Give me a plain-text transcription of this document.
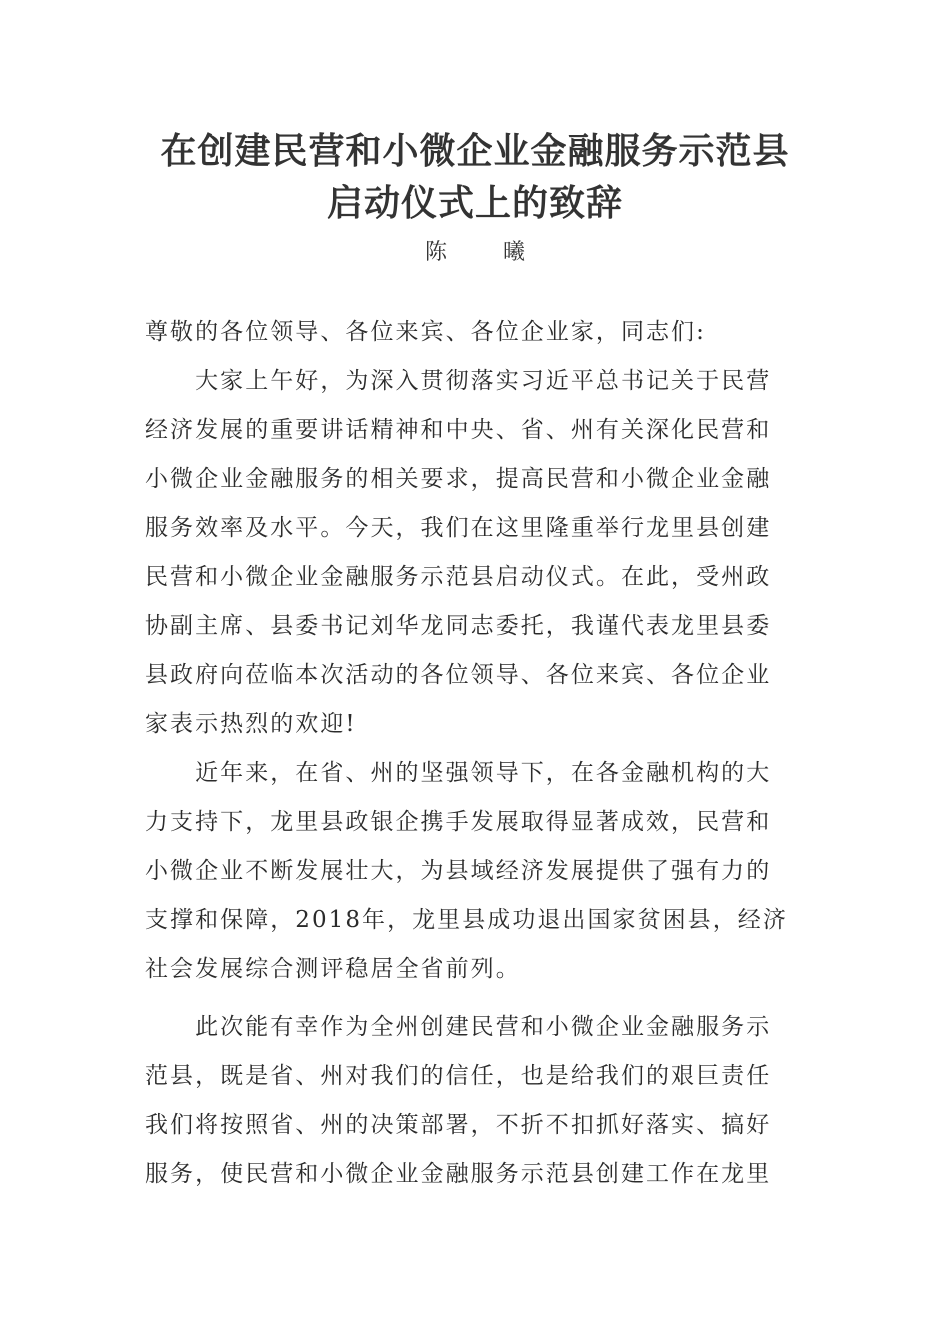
在创建民营和小微企业金融服务示范县
启动仪式上的致辞
陈	曦
尊敬的各位领导、各位来宾、各位企业家，同志们:
　　大家上午好，为深入贯彻落实习近平总书记关于民营
经济发展的重要讲话精神和中央、省、州有关深化民营和
小微企业金融服务的相关要求，提高民营和小微企业金融
服务效率及水平。今天，我们在这里隆重举行龙里县创建
民营和小微企业金融服务示范县启动仪式。在此，受州政
协副主席、县委书记刘华龙同志委托，我谨代表龙里县委
县政府向莅临本次活动的各位领导、各位来宾、各位企业
家表示热烈的欢迎!
　　近年来，在省、州的坚强领导下，在各金融机构的大
力支持下，龙里县政银企携手发展取得显著成效，民营和
小微企业不断发展壮大，为县域经济发展提供了强有力的
支撑和保障，2018年，龙里县成功退出国家贫困县，经济
社会发展综合测评稳居全省前列。
　　此次能有幸作为全州创建民营和小微企业金融服务示
范县，既是省、州对我们的信任，也是给我们的艰巨责任
我们将按照省、州的决策部署，不折不扣抓好落实、搞好
服务，使民营和小微企业金融服务示范县创建工作在龙里
